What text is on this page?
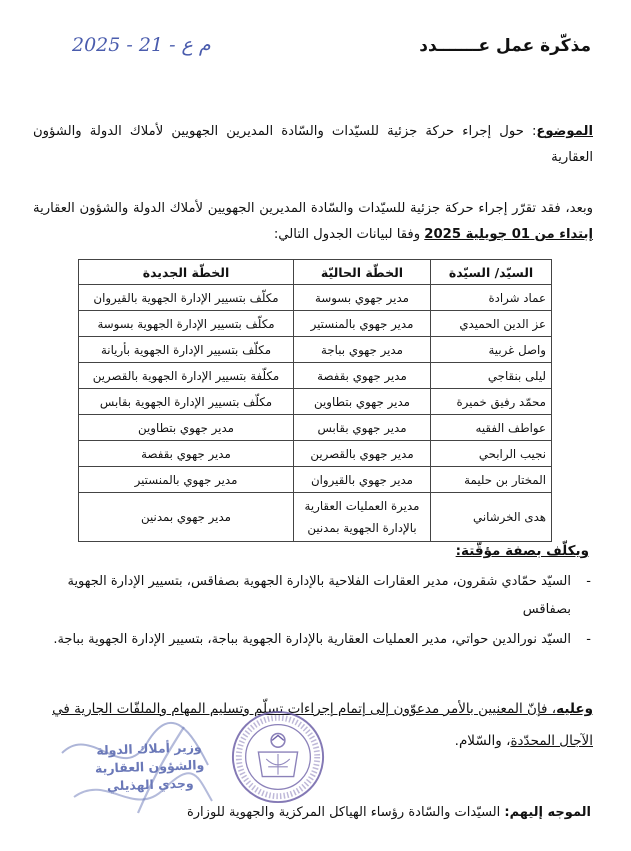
مذكّرة عمل عـــــــدد
2025 - 21 - م ع
الموضوع: حول إجراء حركة جزئية للسيّدات والسّادة المديرين الجهويين لأملاك الدولة والشؤون العقارية
وبعد، فقد تقرّر إجراء حركة جزئية للسيّدات والسّادة المديرين الجهويين لأملاك الدولة والشؤون العقارية إبتداء من 01 جويلية 2025 وفقا لبيانات الجدول التالي:
السيّد/ السيّدة	الخطّة الحاليّة	الخطّة الجديدة
عماد شرادة	مدير جهوي بسوسة	مكلّف بتسيير الإدارة الجهوية بالقيروان
عز الدين الحميدي	مدير جهوي بالمنستير	مكلّف بتسيير الإدارة الجهوية بسوسة
واصل غربية	مدير جهوي بباجة	مكلّف بتسيير الإدارة الجهوية بأريانة
ليلى بنقاجي	مدير جهوي بقفصة	مكلّفة بتسيير الإدارة الجهوية بالقصرين
محمّد رفيق خميرة	مدير جهوي بتطاوين	مكلّف بتسيير الإدارة الجهوية بقابس
عواطف الفقيه	مدير جهوي بقابس	مدير جهوي بتطاوين
نجيب الرابحي	مدير جهوي بالقصرين	مدير جهوي بقفصة
المختار بن حليمة	مدير جهوي بالقيروان	مدير جهوي بالمنستير
هدى الخرشاني	مديرة العمليات العقارية بالإدارة الجهوية بمدنين	مدير جهوي بمدنين
ويكلّف بصفة مؤقّتة:
- السيّد حمّادي شقرون، مدير العقارات الفلاحية بالإدارة الجهوية بصفاقس، بتسيير الإدارة الجهوية بصفاقس
- السيّد نورالدين حواتي، مدير العمليات العقارية بالإدارة الجهوية بباجة، بتسيير الإدارة الجهوية بباجة.
وعليه، فإنّ المعنيين بالأمر مدعوّون إلى إتمام إجراءات تسلّم وتسليم المهام والملفّات الجارية في الآجال المحدّدة، والسّلام.
وزير أملاك الدولة
والشؤون العقارية
وجدي الهذيلي
الموجه إليهم: السيّدات والسّادة رؤساء الهياكل المركزية والجهوية للوزارة
